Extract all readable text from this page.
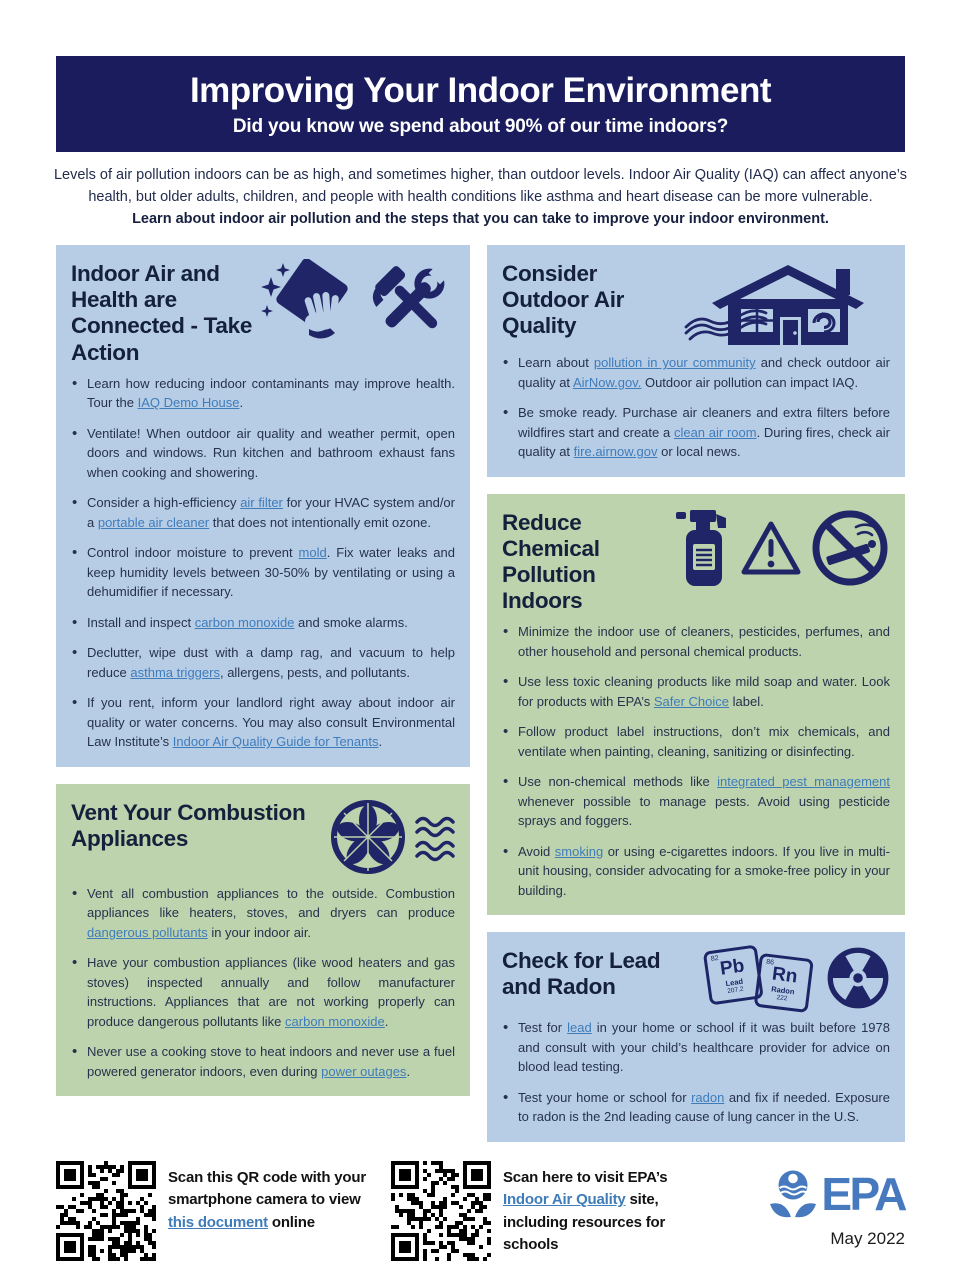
Improving Your Indoor Environment
Did you know we spend about 90% of our time indoors?
Levels of air pollution indoors can be as high, and sometimes higher, than outdoor levels. Indoor Air Quality (IAQ) can affect anyone’s health, but older adults, children, and people with health conditions like asthma and heart disease can be more vulnerable.
Learn about indoor air pollution and the steps that you can take to improve your indoor environment.
Indoor Air and Health are Connected - Take Action
• Learn how reducing indoor contaminants may improve health. Tour the IAQ Demo House.
• Ventilate! When outdoor air quality and weather permit, open doors and windows. Run kitchen and bathroom exhaust fans when cooking and showering.
• Consider a high-efficiency air filter for your HVAC system and/or a portable air cleaner that does not intentionally emit ozone.
• Control indoor moisture to prevent mold. Fix water leaks and keep humidity levels between 30-50% by ventilating or using a dehumidifier if necessary.
• Install and inspect carbon monoxide and smoke alarms.
• Declutter, wipe dust with a damp rag, and vacuum to help reduce asthma triggers, allergens, pests, and pollutants.
• If you rent, inform your landlord right away about indoor air quality or water concerns. You may also consult Environmental Law Institute’s Indoor Air Quality Guide for Tenants.
Vent Your Combustion Appliances
• Vent all combustion appliances to the outside. Combustion appliances like heaters, stoves, and dryers can produce dangerous pollutants in your indoor air.
• Have your combustion appliances (like wood heaters and gas stoves) inspected annually and follow manufacturer instructions. Appliances that are not working properly can produce dangerous pollutants like carbon monoxide.
• Never use a cooking stove to heat indoors and never use a fuel powered generator indoors, even during power outages.
Consider Outdoor Air Quality
• Learn about pollution in your community and check outdoor air quality at AirNow.gov. Outdoor air pollution can impact IAQ.
• Be smoke ready. Purchase air cleaners and extra filters before wildfires start and create a clean air room. During fires, check air quality at fire.airnow.gov or local news.
Reduce Chemical Pollution Indoors
• Minimize the indoor use of cleaners, pesticides, perfumes, and other household and personal chemical products.
• Use less toxic cleaning products like mild soap and water. Look for products with EPA’s Safer Choice label.
• Follow product label instructions, don’t mix chemicals, and ventilate when painting, cleaning, sanitizing or disinfecting.
• Use non-chemical methods like integrated pest management whenever possible to manage pests. Avoid using pesticide sprays and foggers.
• Avoid smoking or using e-cigarettes indoors. If you live in multi-unit housing, consider advocating for a smoke-free policy in your building.
Check for Lead and Radon
82 Pb
Lead
207.2
86
Rn
Radon
222
• Test for lead in your home or school if it was built before 1978 and consult with your child’s healthcare provider for advice on blood lead testing.
• Test your home or school for radon and fix if needed. Exposure to radon is the 2nd leading cause of lung cancer in the U.S.
Scan this QR code with your smartphone camera to view this document online
Scan here to visit EPA’s Indoor Air Quality site, including resources for schools
EPA
May 2022
